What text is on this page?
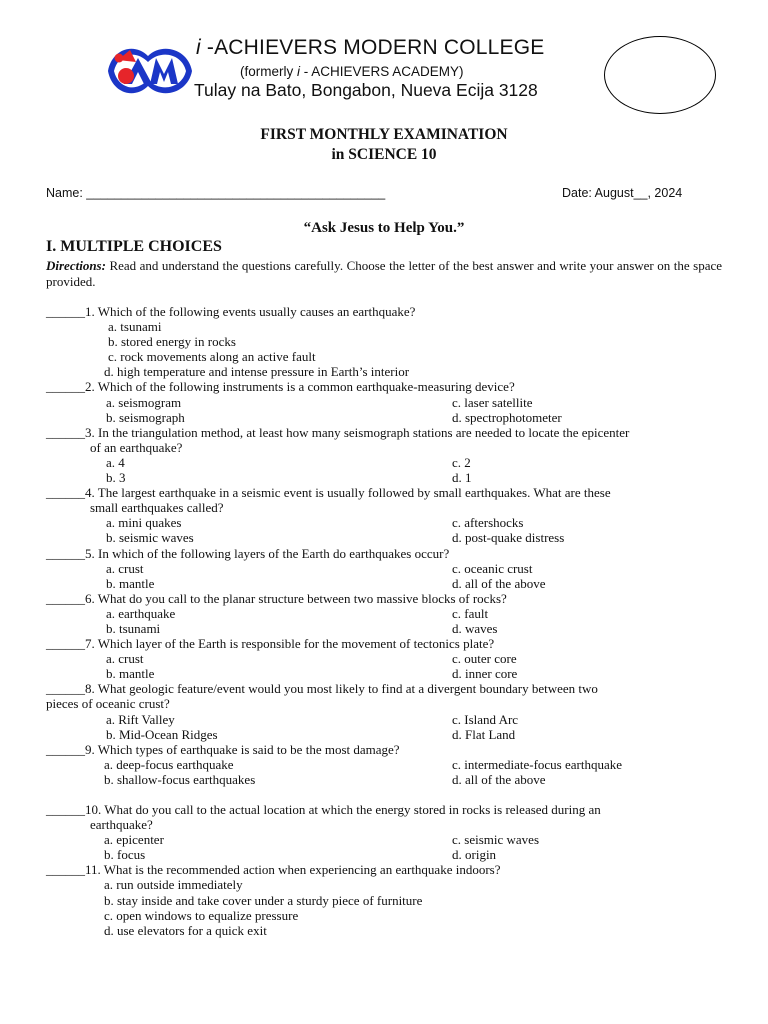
i -ACHIEVERS MODERN COLLEGE
(formerly i - ACHIEVERS ACADEMY)
Tulay na Bato, Bongabon, Nueva Ecija 3128
FIRST MONTHLY EXAMINATION
in SCIENCE 10
Name: ___________________________________________	Date: August__, 2024
“Ask Jesus to Help You.”
I. MULTIPLE CHOICES
Directions: Read and understand the questions carefully. Choose the letter of the best answer and write your answer on the space provided.
______1. Which of the following events usually causes an earthquake?
a. tsunami
b. stored energy in rocks
c. rock movements along an active fault
d. high temperature and intense pressure in Earth’s interior
______2. Which of the following instruments is a common earthquake-measuring device?
a. seismogram	c. laser satellite
b. seismograph	d. spectrophotometer
______3. In the triangulation method, at least how many seismograph stations are needed to locate the epicenter
of an earthquake?
a. 4	c. 2
b. 3	d. 1
______4. The largest earthquake in a seismic event is usually followed by small earthquakes. What are these
small earthquakes called?
a. mini quakes	c. aftershocks
b. seismic waves	d. post-quake distress
______5. In which of the following layers of the Earth do earthquakes occur?
a. crust	c. oceanic crust
b. mantle	d. all of the above
______6. What do you call to the planar structure between two massive blocks of rocks?
a. earthquake	c. fault
b. tsunami	d. waves
______7. Which layer of the Earth is responsible for the movement of tectonics plate?
a. crust	c. outer core
b. mantle	d. inner core
______8. What geologic feature/event would you most likely to find at a divergent boundary between two
pieces of oceanic crust?
a. Rift Valley	c. Island Arc
b. Mid-Ocean Ridges	d. Flat Land
______9. Which types of earthquake is said to be the most damage?
a. deep-focus earthquake	c. intermediate-focus earthquake
b. shallow-focus earthquakes	d. all of the above
______10. What do you call to the actual location at which the energy stored in rocks is released during an
earthquake?
a. epicenter	c. seismic waves
b. focus	d. origin
______11. What is the recommended action when experiencing an earthquake indoors?
a. run outside immediately
b. stay inside and take cover under a sturdy piece of furniture
c. open windows to equalize pressure
d. use elevators for a quick exit
